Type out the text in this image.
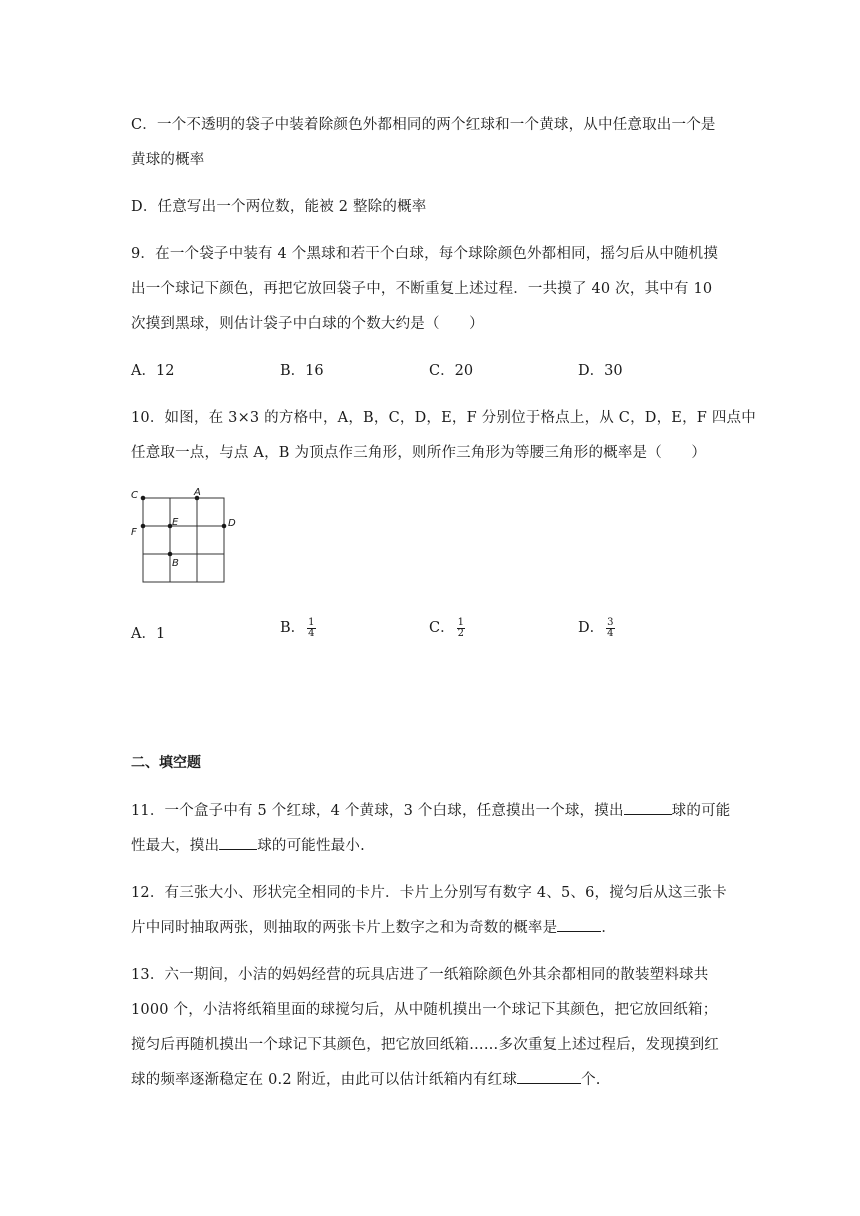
C．一个不透明的袋子中装着除颜色外都相同的两个红球和一个黄球，从中任意取出一个是
黄球的概率
D．任意写出一个两位数，能被 2 整除的概率
9．在一个袋子中装有 4 个黑球和若干个白球，每个球除颜色外都相同，摇匀后从中随机摸
出一个球记下颜色，再把它放回袋子中，不断重复上述过程．一共摸了 40 次，其中有 10
次摸到黑球，则估计袋子中白球的个数大约是（　　）
A．12	B．16	C．20	D．30
10．如图，在 3×3 的方格中，A，B，C，D，E，F 分别位于格点上，从 C，D，E，F 四点中
任意取一点，与点 A，B 为顶点作三角形，则所作三角形为等腰三角形的概率是（　　）
C	A
F
E	D
B
A．1	B． $\frac{1}{4}$	C． $\frac{1}{2}$	D． $\frac{3}{4}$
二、填空题
11．一个盒子中有 5 个红球，4 个黄球，3 个白球，任意摸出一个球，摸出	球的可能
性最大，摸出	球的可能性最小.
12．有三张大小、形状完全相同的卡片．卡片上分别写有数字 4、5、6，搅匀后从这三张卡
片中同时抽取两张，则抽取的两张卡片上数字之和为奇数的概率是	．
13．六一期间，小洁的妈妈经营的玩具店进了一纸箱除颜色外其余都相同的散装塑料球共
1000 个，小洁将纸箱里面的球搅匀后，从中随机摸出一个球记下其颜色，把它放回纸箱；
搅匀后再随机摸出一个球记下其颜色，把它放回纸箱……多次重复上述过程后，发现摸到红
球的频率逐渐稳定在 0.2 附近，由此可以估计纸箱内有红球	个.
